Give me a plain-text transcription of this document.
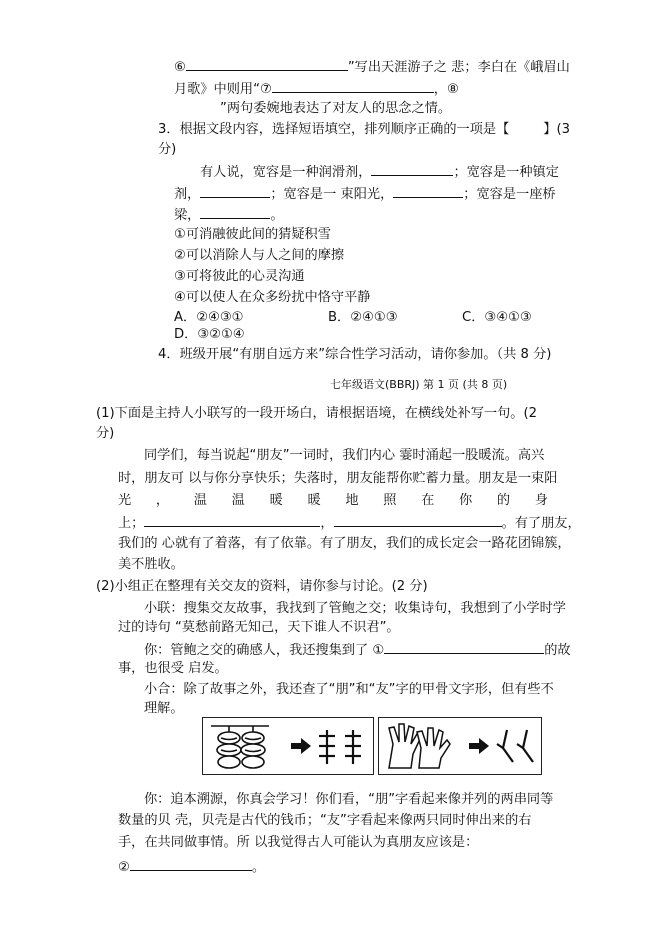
⑥	”写出天涯游子之 悲；李白在《峨眉山
月歌》中则用“⑦	，⑧
”两句委婉地表达了对友人的思念之情。
3．根据文段内容，选择短语填空，排列顺序正确的一项是【	】(3
分)
有人说，宽容是一种润滑剂，	；宽容是一种镇定
剂，	；宽容是一 束阳光，	；宽容是一座桥
梁，	。
①可消融彼此间的猜疑积雪
②可以消除人与人之间的摩擦
③可将彼此的心灵沟通
④可以使人在众多纷扰中恪守平静
A．②④③①	B．②④①③	C．③④①③
D．③②①④
4．班级开展“有朋自远方来”综合性学习活动，请你参加。（共 8 分)
七年级语文(BBRJ) 第 1 页 (共 8 页)
(1)下面是主持人小联写的一段开场白，请根据语境，在横线处补写一句。(2
分)
同学们，每当说起“朋友”一词时，我们内心 霎时涌起一股暖流。高兴
时，朋友可 以与你分享快乐；失落时，朋友能帮你贮蓄力量。朋友是一束阳
光 ， 温 温 暖 暖 地 照 在 你 的 身
上；	，	。有了朋友，
我们的 心就有了着落，有了依靠。有了朋友，我们的成长定会一路花团锦簇，
美不胜收。
(2)小组正在整理有关交友的资料，请你参与讨论。(2 分)
小联：搜集交友故事，我找到了管鲍之交；收集诗句，我想到了小学时学
过的诗句 “莫愁前路无知己，天下谁人不识君”。
你：管鲍之交的确感人，我还搜集到了 ①	的故
事，也很受 启发。
小合：除了故事之外，我还查了“朋”和“友”字的甲骨文字形，但有些不
理解。
你：追本溯源，你真会学习！你们看，“朋”字看起来像并列的两串同等
数量的贝 壳，贝壳是古代的钱币；“友”字看起来像两只同时伸出来的右
手，在共同做事情。所 以我觉得古人可能认为真朋友应该是：
②	。
